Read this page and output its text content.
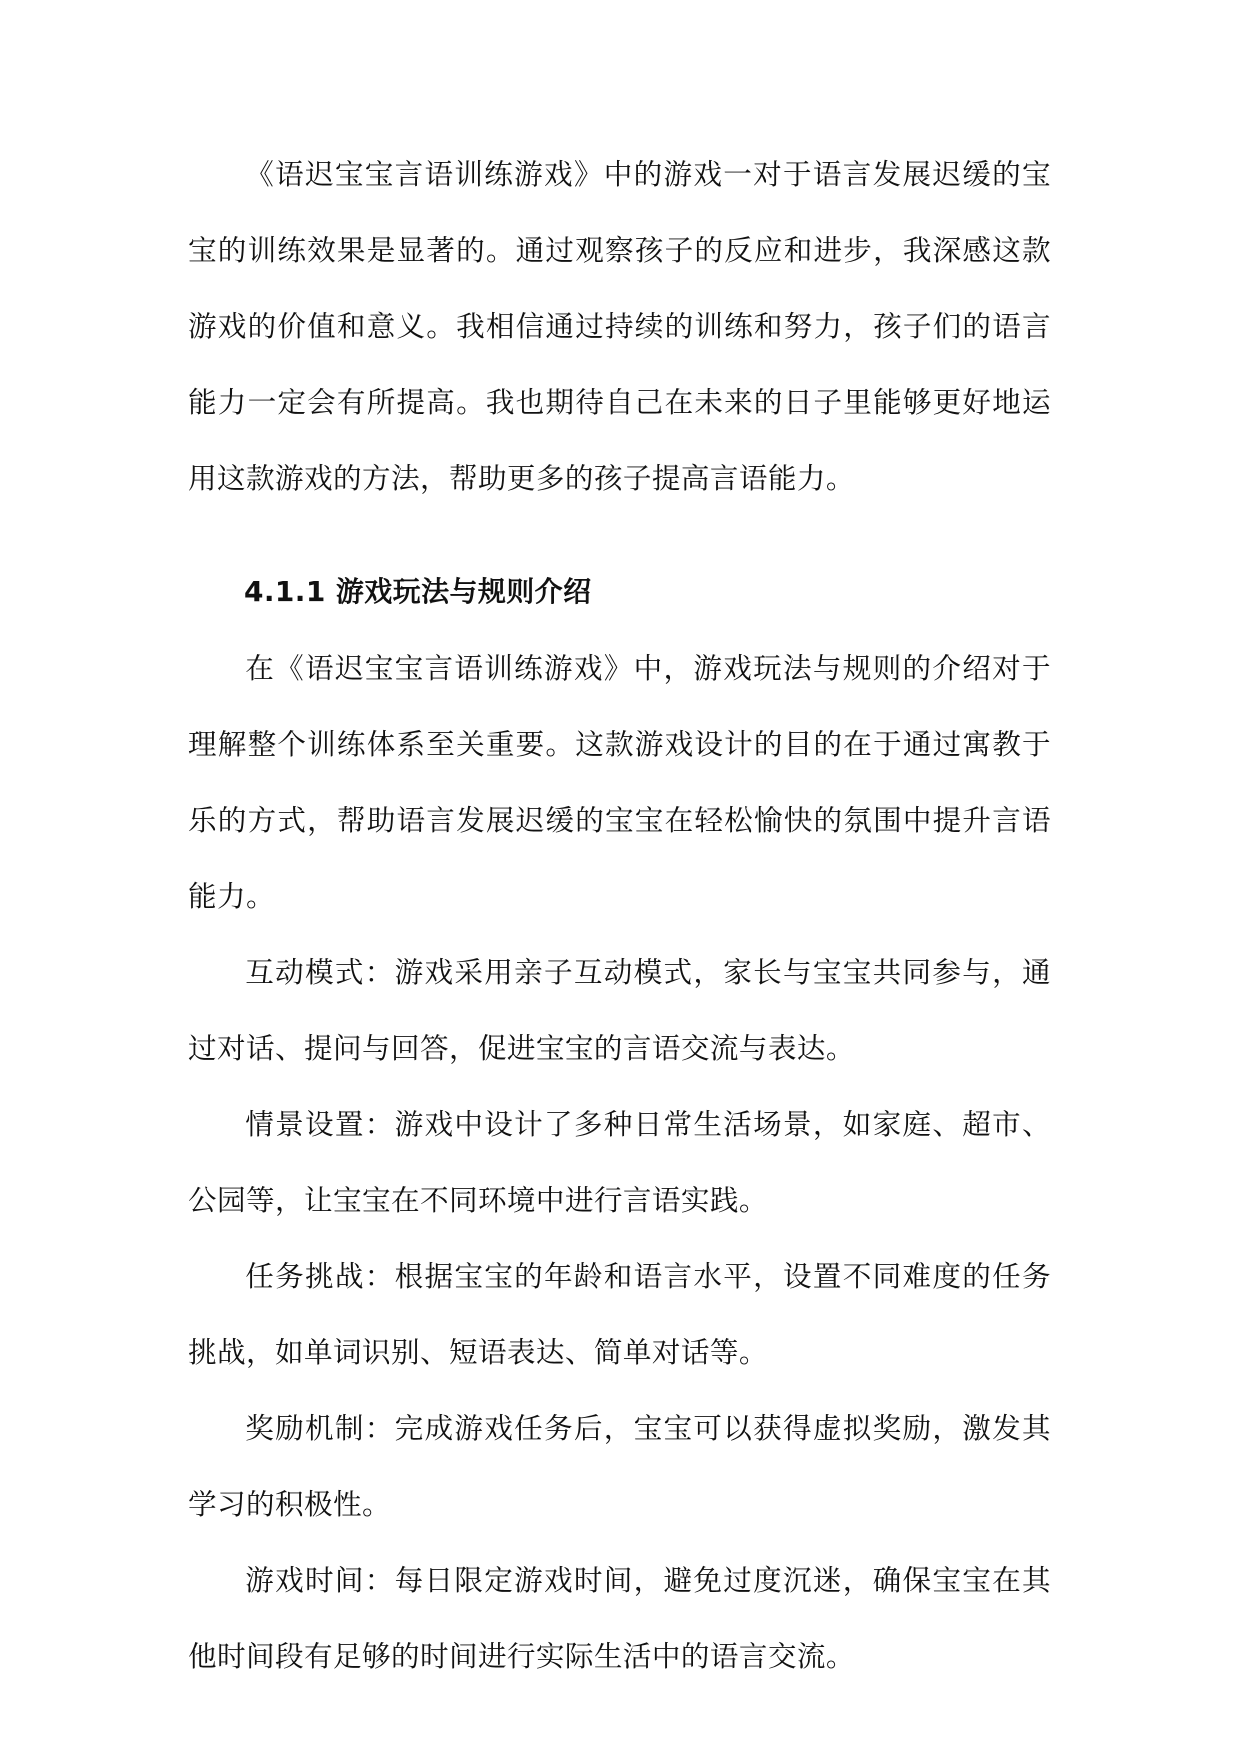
《语迟宝宝言语训练游戏》中的游戏一对于语言发展迟缓的宝宝的训练效果是显著的。通过观察孩子的反应和进步，我深感这款游戏的价值和意义。我相信通过持续的训练和努力，孩子们的语言能力一定会有所提高。我也期待自己在未来的日子里能够更好地运用这款游戏的方法，帮助更多的孩子提高言语能力。

4.1.1 游戏玩法与规则介绍

在《语迟宝宝言语训练游戏》中，游戏玩法与规则的介绍对于理解整个训练体系至关重要。这款游戏设计的目的在于通过寓教于乐的方式，帮助语言发展迟缓的宝宝在轻松愉快的氛围中提升言语能力。

互动模式：游戏采用亲子互动模式，家长与宝宝共同参与，通过对话、提问与回答，促进宝宝的言语交流与表达。

情景设置：游戏中设计了多种日常生活场景，如家庭、超市、公园等，让宝宝在不同环境中进行言语实践。

任务挑战：根据宝宝的年龄和语言水平，设置不同难度的任务挑战，如单词识别、短语表达、简单对话等。

奖励机制：完成游戏任务后，宝宝可以获得虚拟奖励，激发其学习的积极性。

游戏时间：每日限定游戏时间，避免过度沉迷，确保宝宝在其他时间段有足够的时间进行实际生活中的语言交流。
